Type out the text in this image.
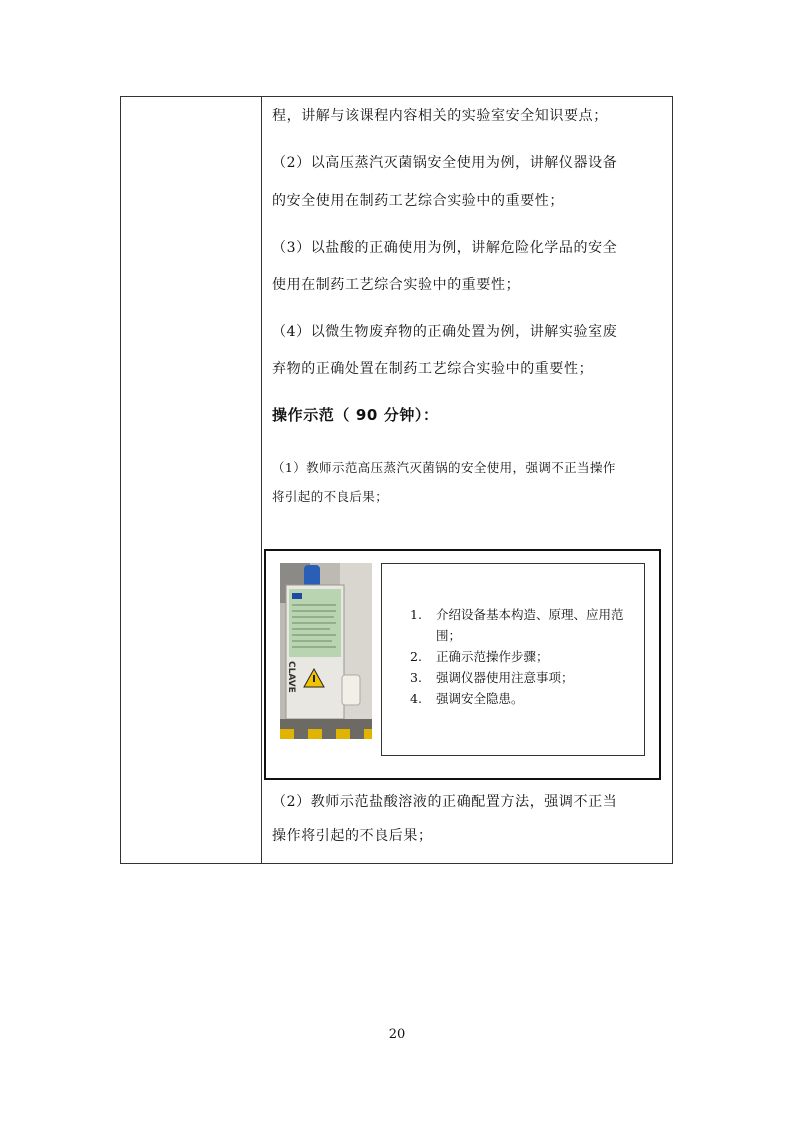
程，讲解与该课程内容相关的实验室安全知识要点；
（2）以高压蒸汽灭菌锅安全使用为例，讲解仪器设备
的安全使用在制药工艺综合实验中的重要性；
（3）以盐酸的正确使用为例，讲解危险化学品的安全
使用在制药工艺综合实验中的重要性；
（4）以微生物废弃物的正确处置为例，讲解实验室废
弃物的正确处置在制药工艺综合实验中的重要性；
操作示范（ 90 分钟）：
（1）教师示范高压蒸汽灭菌锅的安全使用，强调不正当操作
将引起的不良后果；
（2）教师示范盐酸溶液的正确配置方法，强调不正当
操作将引起的不良后果；
CLAVE
1. 介绍设备基本构造、原理、应用范围；
2. 正确示范操作步骤；
3. 强调仪器使用注意事项；
4. 强调安全隐患。
20
